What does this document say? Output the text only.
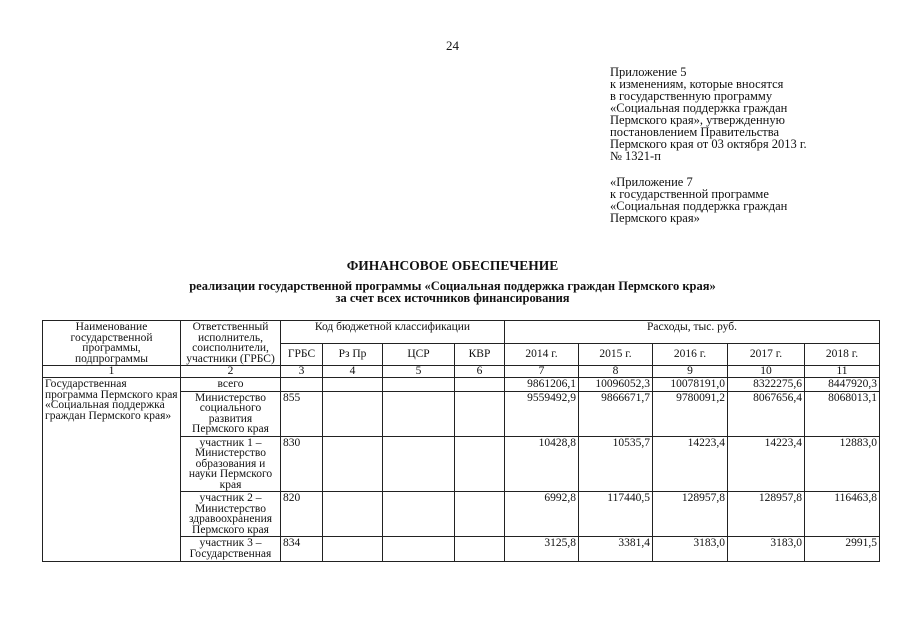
24
Приложение 5
к изменениям, которые вносятся
в государственную программу
«Социальная поддержка граждан
Пермского края», утвержденную
постановлением Правительства
Пермского края от 03 октября 2013 г.
№ 1321-п
«Приложение 7
к государственной программе
«Социальная поддержка граждан
Пермского края»
ФИНАНСОВОЕ ОБЕСПЕЧЕНИЕ
реализации государственной программы «Социальная поддержка граждан Пермского края»
за счет всех источников финансирования
Наименование государственной программы, подпрограммы	Ответственный исполнитель, соисполнители, участники (ГРБС)	Код бюджетной классификации				Расходы, тыс. руб.				
		ГРБС	Рз Пр	ЦСР	КВР	2014 г.	2015 г.	2016 г.	2017 г.	2018 г.
1	2	3	4	5	6	7	8	9	10	11
Государственная программа Пермского края «Социальная поддержка граждан Пермского края»	всего					9861206,1	10096052,3	10078191,0	8322275,6	8447920,3
	Министерство социального развития Пермского края	855				9559492,9	9866671,7	9780091,2	8067656,4	8068013,1
	участник 1 – Министерство образования и науки Пермского края	830				10428,8	10535,7	14223,4	14223,4	12883,0
	участник 2 – Министерство здравоохранения Пермского края	820				6992,8	117440,5	128957,8	128957,8	116463,8

	участник 3 – Государственная	834				3125,8	3381,4	3183,0	3183,0	2991,5
